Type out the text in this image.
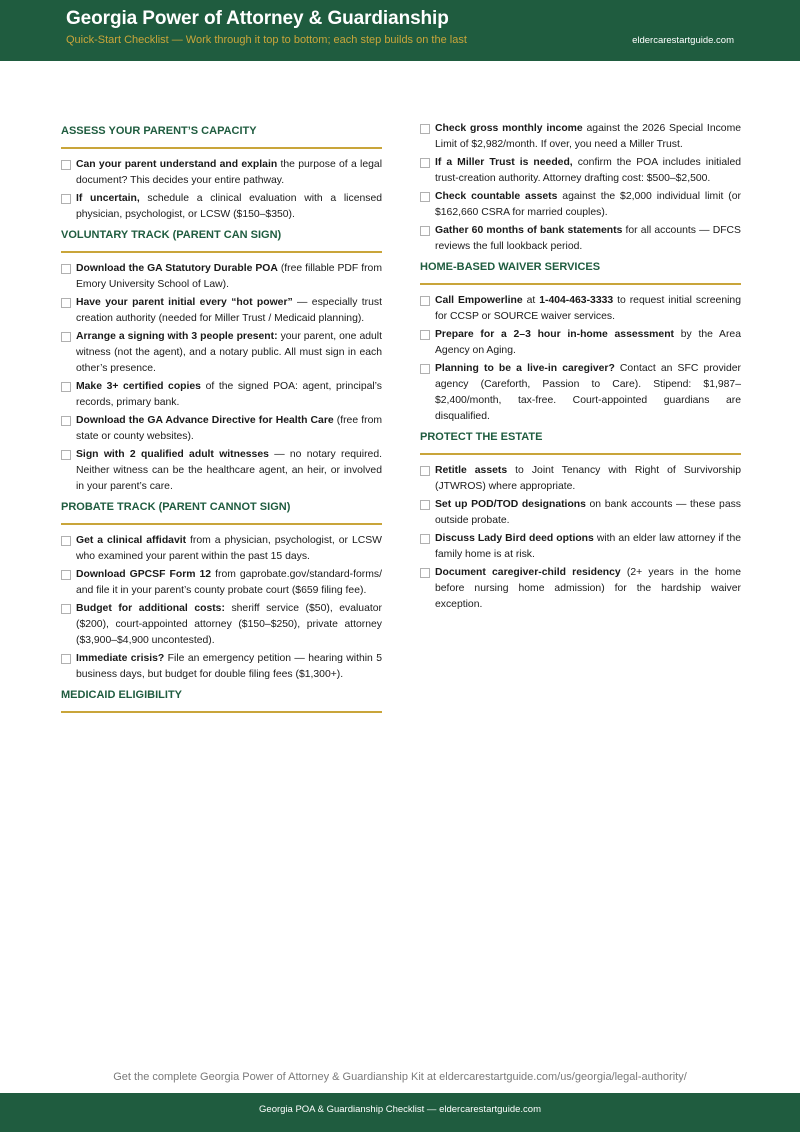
Georgia Power of Attorney & Guardianship
Quick-Start Checklist — Work through it top to bottom; each step builds on the last	eldercarestartguide.com
ASSESS YOUR PARENT’S CAPACITY
Can your parent understand and explain the purpose of a legal document? This decides your entire pathway.
If uncertain, schedule a clinical evaluation with a licensed physician, psychologist, or LCSW ($150–$350).
VOLUNTARY TRACK (PARENT CAN SIGN)
Download the GA Statutory Durable POA (free fillable PDF from Emory University School of Law).
Have your parent initial every “hot power” — especially trust creation authority (needed for Miller Trust / Medicaid planning).
Arrange a signing with 3 people present: your parent, one adult witness (not the agent), and a notary public. All must sign in each other’s presence.
Make 3+ certified copies of the signed POA: agent, principal’s records, primary bank.
Download the GA Advance Directive for Health Care (free from state or county websites).
Sign with 2 qualified adult witnesses — no notary required. Neither witness can be the healthcare agent, an heir, or involved in your parent’s care.
PROBATE TRACK (PARENT CANNOT SIGN)
Get a clinical affidavit from a physician, psychologist, or LCSW who examined your parent within the past 15 days.
Download GPCSF Form 12 from gaprobate.gov/standard-forms/ and file it in your parent’s county probate court ($659 filing fee).
Budget for additional costs: sheriff service ($50), evaluator ($200), court-appointed attorney ($150–$250), private attorney ($3,900–$4,900 uncontested).
Immediate crisis? File an emergency petition — hearing within 5 business days, but budget for double filing fees ($1,300+).
MEDICAID ELIGIBILITY
Check gross monthly income against the 2026 Special Income Limit of $2,982/month. If over, you need a Miller Trust.
If a Miller Trust is needed, confirm the POA includes initialed trust-creation authority. Attorney drafting cost: $500–$2,500.
Check countable assets against the $2,000 individual limit (or $162,660 CSRA for married couples).
Gather 60 months of bank statements for all accounts — DFCS reviews the full lookback period.
HOME-BASED WAIVER SERVICES
Call Empowerline at 1-404-463-3333 to request initial screening for CCSP or SOURCE waiver services.
Prepare for a 2–3 hour in-home assessment by the Area Agency on Aging.
Planning to be a live-in caregiver? Contact an SFC provider agency (Careforth, Passion to Care). Stipend: $1,987–$2,400/month, tax-free. Court-appointed guardians are disqualified.
PROTECT THE ESTATE
Retitle assets to Joint Tenancy with Right of Survivorship (JTWROS) where appropriate.
Set up POD/TOD designations on bank accounts — these pass outside probate.
Discuss Lady Bird deed options with an elder law attorney if the family home is at risk.
Document caregiver-child residency (2+ years in the home before nursing home admission) for the hardship waiver exception.
Get the complete Georgia Power of Attorney & Guardianship Kit at eldercarestartguide.com/us/georgia/legal-authority/
Georgia POA & Guardianship Checklist — eldercarestartguide.com
